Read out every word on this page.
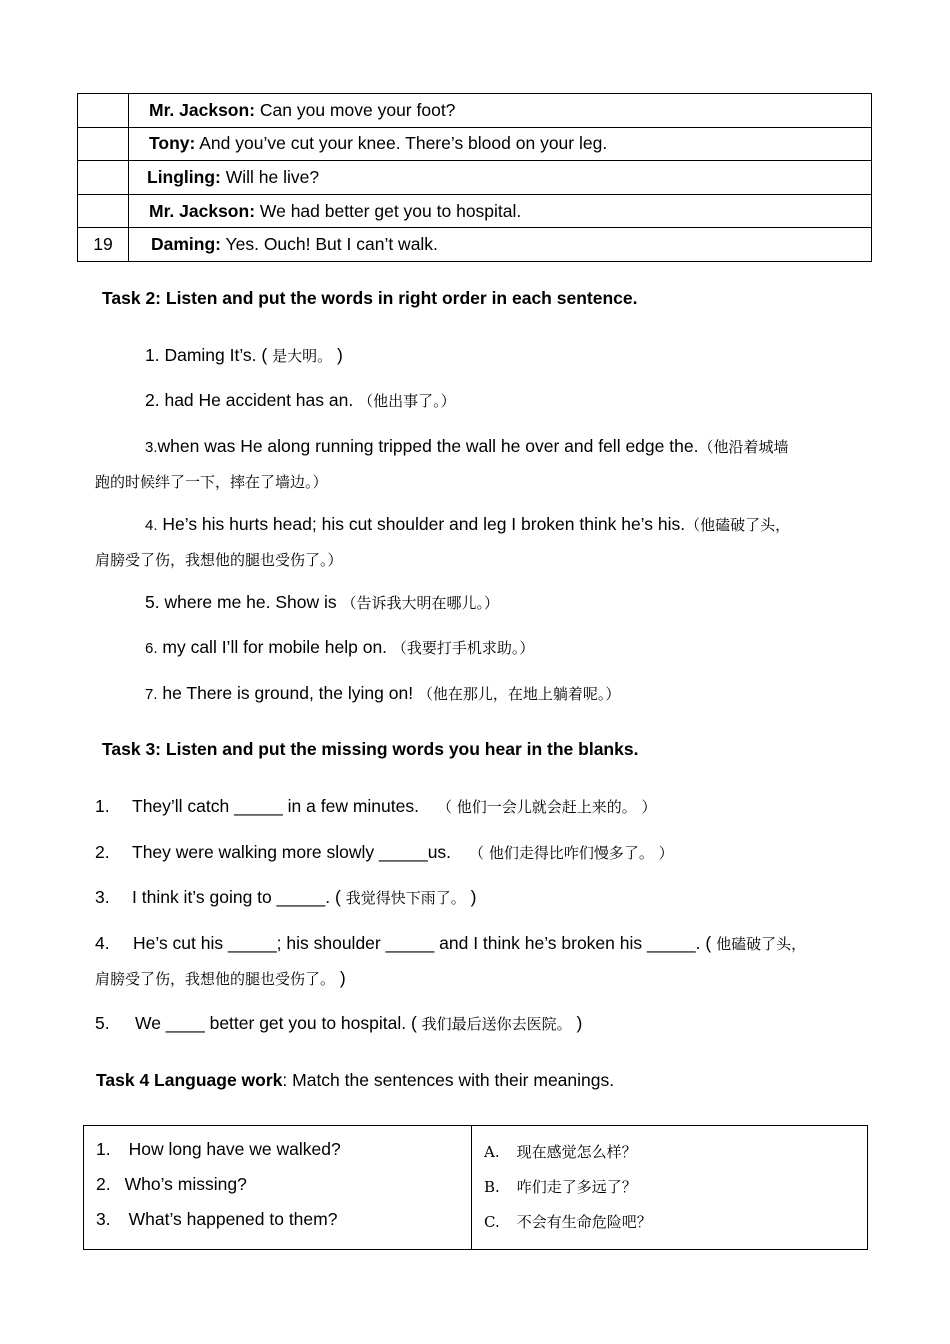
	Mr. Jackson: Can you move your foot?
	Tony: And you’ve cut your knee. There’s blood on your leg.
	Lingling: Will he live?
	Mr. Jackson: We had better get you to hospital.
19	Daming: Yes. Ouch! But I can’t walk.
Task 2: Listen and put the words in right order in each sentence.
1. Daming It’s. ( 是大明。 )
2. had He accident has an. （他出事了。）
3.when was He along running tripped the wall he over and fell edge the.（他沿着城墙
跑的时候绊了一下，摔在了墙边。）
4. He’s his hurts head; his cut shoulder and leg I broken think he’s his.（他磕破了头，
肩膀受了伤，我想他的腿也受伤了。）
5. where me he. Show is （告诉我大明在哪儿。）
6. my call I’ll for mobile help on. （我要打手机求助。）
7. he There is ground, the lying on! （他在那儿，在地上躺着呢。）
Task 3: Listen and put the missing words you hear in the blanks.
1. They’ll catch _____ in a few minutes. （ 他们一会儿就会赶上来的。 ）
2. They were walking more slowly _____us. （ 他们走得比咋们慢多了。 ）
3. I think it’s going to _____. ( 我觉得快下雨了。 )
4. He’s cut his _____; his shoulder _____ and I think he’s broken his _____. ( 他磕破了头，
肩膀受了伤，我想他的腿也受伤了。 )
5. We ____ better get you to hospital. ( 我们最后送你去医院。 )
Task 4 Language work: Match the sentences with their meanings.
1. How long have we walked?
2. Who’s missing?
3. What’s happened to them?
A. 现在感觉怎么样？
B. 咋们走了多远了？
C. 不会有生命危险吧？
